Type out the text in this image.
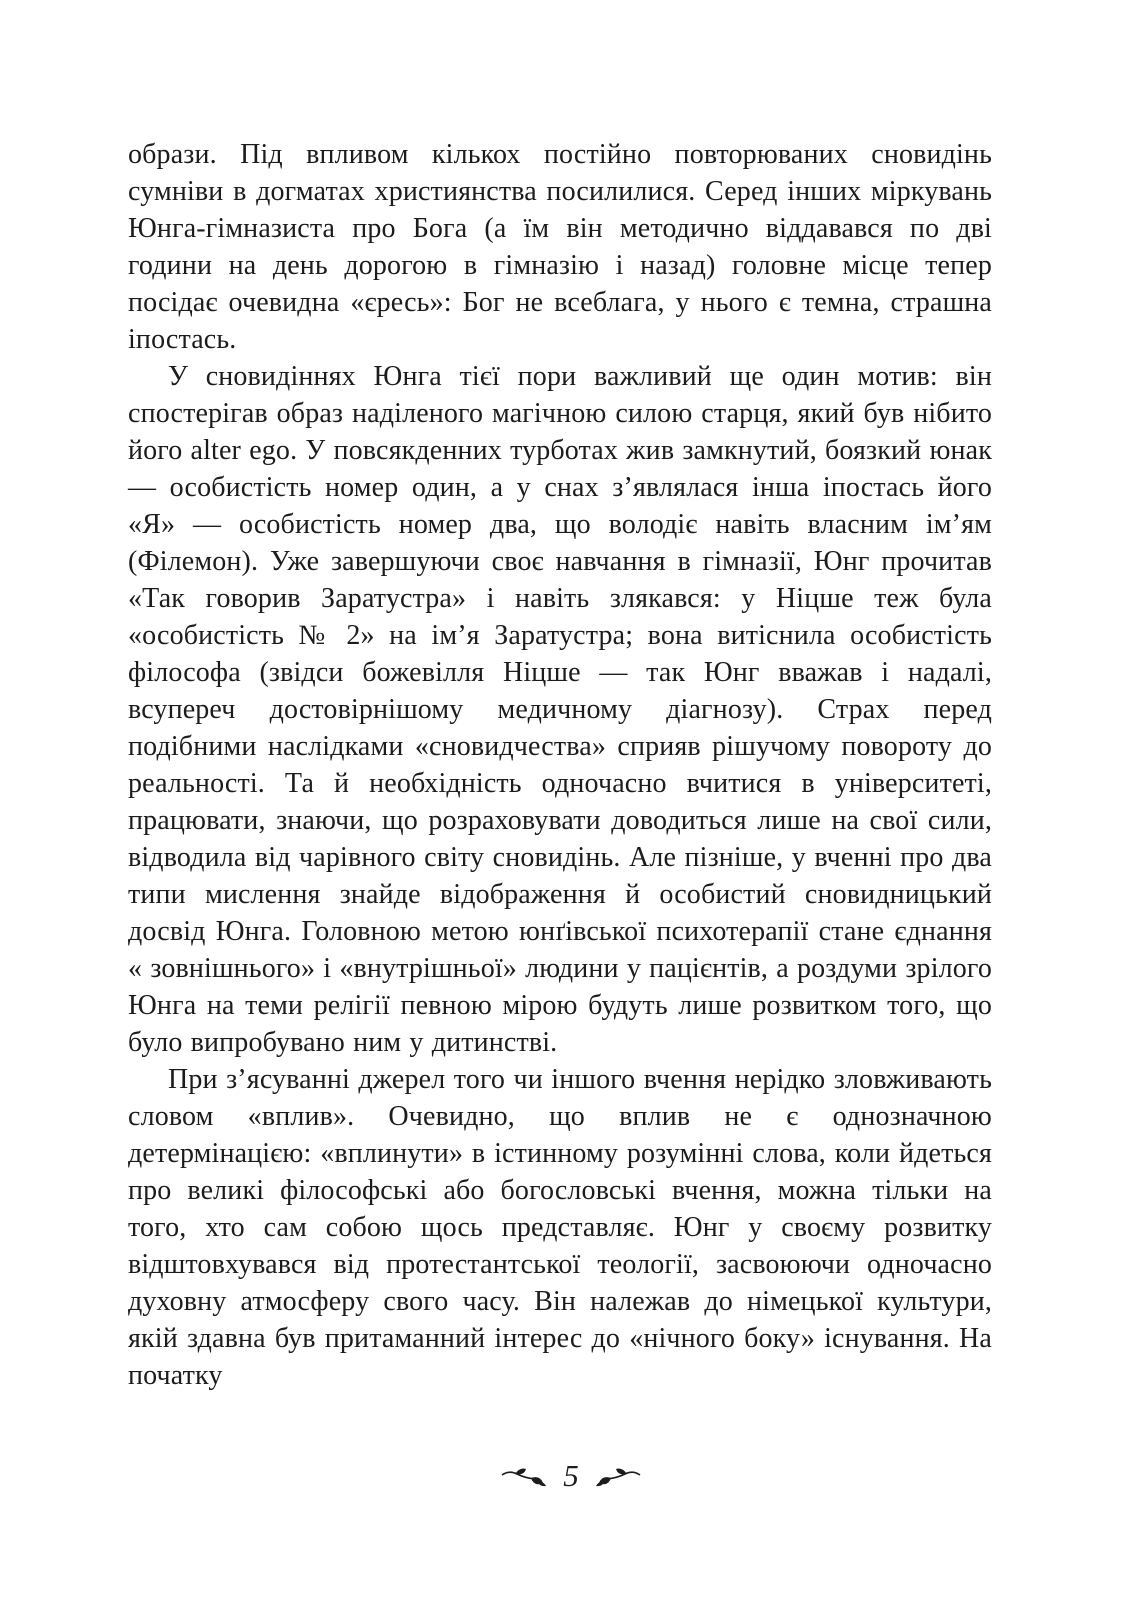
образи. Під впливом кількох постійно повторюваних сновидінь сумніви в догматах християнства посилилися. Серед інших міркувань Юнга-гімназиста про Бога (а їм він методично віддавався по дві години на день дорогою в гімназію і назад) головне місце тепер посідає очевидна «єресь»: Бог не всеблага, у нього є темна, страшна іпостась.

У сновидіннях Юнга тієї пори важливий ще один мотив: він спостерігав образ наділеного магічною силою старця, який був нібито його alter ego. У повсякденних турботах жив замкнутий, боязкий юнак — особистість номер один, а у снах з’являлася інша іпостась його «Я» — особистість номер два, що володіє навіть власним ім’ям (Філемон). Уже завершуючи своє навчання в гімназії, Юнг прочитав «Так говорив Заратустра» і навіть злякався: у Ніцше теж була «особистість № 2» на ім’я Заратустра; вона витіснила особистість філософа (звідси божевілля Ніцше — так Юнг вважав і надалі, всупереч достовірнішому медичному діагнозу). Страх перед подібними наслідками «сновидчества» сприяв рішучому повороту до реальності. Та й необхідність одночасно вчитися в університеті, працювати, знаючи, що розраховувати доводиться лише на свої сили, відводила від чарівного світу сновидінь. Але пізніше, у вченні про два типи мислення знайде відображення й особистий сновидницький досвід Юнга. Головною метою юнґівської психотерапії стане єднання « зовнішнього» і «внутрішньої» людини у пацієнтів, а роздуми зрілого Юнга на теми релігії певною мірою будуть лише розвитком того, що було випробувано ним у дитинстві.

При з’ясуванні джерел того чи іншого вчення нерідко зловживають словом «вплив». Очевидно, що вплив не є однозначною детермінацією: «вплинути» в істинному розумінні слова, коли йдеться про великі філософські або богословські вчення, можна тільки на того, хто сам собою щось представляє. Юнг у своєму розвитку відштовхувався від протестантської теології, засвоюючи одночасно духовну атмосферу свого часу. Він належав до німецької культури, якій здавна був притаманний інтерес до «нічного боку» існування. На початку

5
